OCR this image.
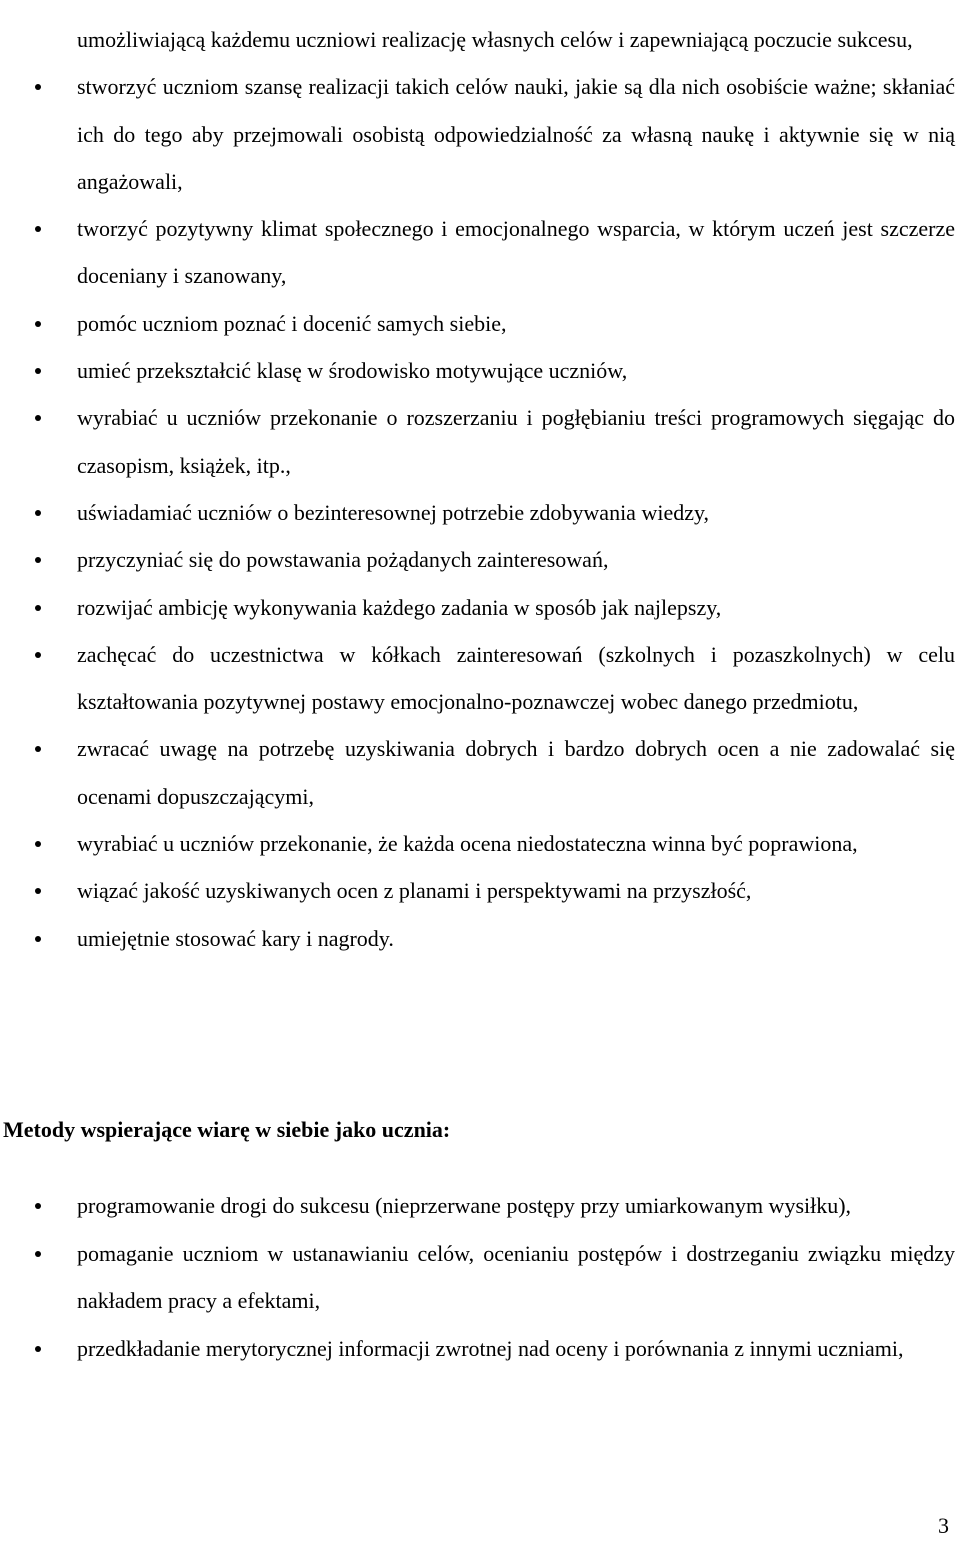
umożliwiającą każdemu uczniowi realizację własnych celów i zapewniającą poczucie sukcesu,
stworzyć uczniom szansę realizacji takich celów nauki, jakie są dla nich osobiście ważne; skłaniać ich do tego aby przejmowali osobistą odpowiedzialność za własną naukę i aktywnie się w nią angażowali,
tworzyć pozytywny klimat społecznego i emocjonalnego wsparcia, w którym uczeń jest szczerze doceniany i szanowany,
pomóc uczniom poznać i docenić samych siebie,
umieć przekształcić klasę w środowisko motywujące uczniów,
wyrabiać u uczniów przekonanie o rozszerzaniu i pogłębianiu treści programowych sięgając do czasopism, książek, itp.,
uświadamiać uczniów o bezinteresownej potrzebie zdobywania wiedzy,
przyczyniać się do powstawania pożądanych zainteresowań,
rozwijać ambicję wykonywania każdego zadania w sposób jak najlepszy,
zachęcać do uczestnictwa w kółkach zainteresowań (szkolnych i pozaszkolnych) w celu kształtowania pozytywnej postawy emocjonalno-poznawczej wobec danego przedmiotu,
zwracać uwagę na potrzebę uzyskiwania dobrych i bardzo dobrych ocen a nie zadowalać się ocenami dopuszczającymi,
wyrabiać u uczniów przekonanie, że każda ocena niedostateczna winna być poprawiona,
wiązać jakość uzyskiwanych ocen z planami i perspektywami na przyszłość,
umiejętnie stosować kary i nagrody.
Metody wspierające wiarę w siebie jako ucznia:
programowanie drogi do sukcesu (nieprzerwane postępy przy umiarkowanym wysiłku),
pomaganie uczniom w ustanawianiu celów, ocenianiu postępów i dostrzeganiu związku między nakładem pracy a efektami,
przedkładanie merytorycznej informacji zwrotnej nad oceny i porównania z innymi uczniami,
3
